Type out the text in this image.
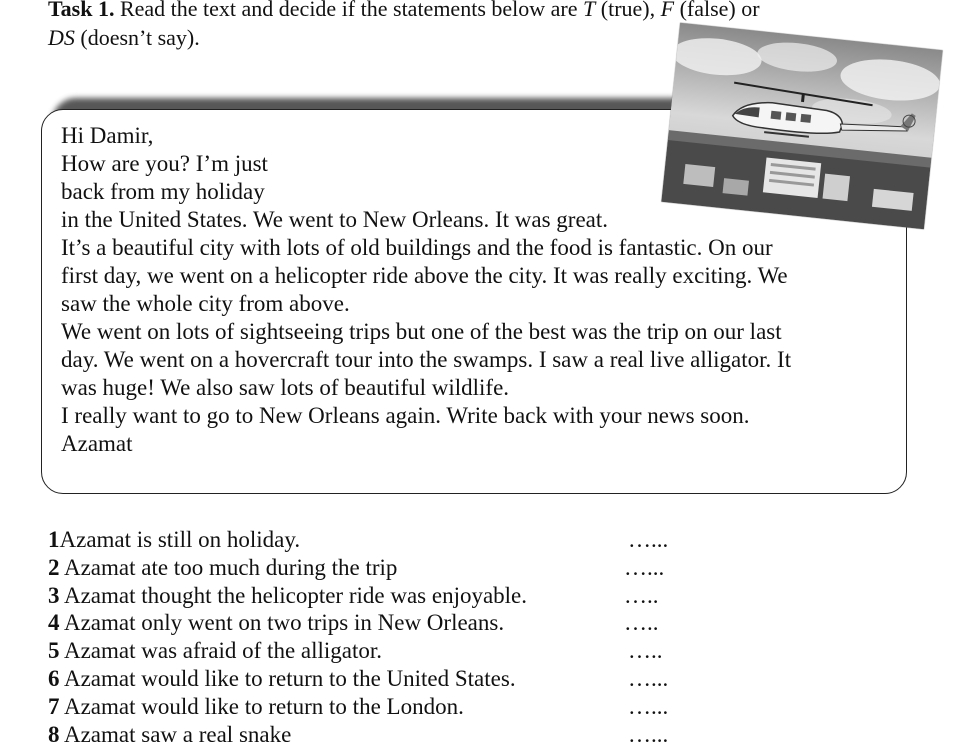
Task 1. Read the text and decide if the statements below are T (true), F (false) or
DS (doesn’t say).
Hi Damir,
How are you? I’m just
back from my holiday
in the United States. We went to New Orleans. It was great.
It’s a beautiful city with lots of old buildings and the food is fantastic. On our
first day, we went on a helicopter ride above the city. It was really exciting. We
saw the whole city from above.
We went on lots of sightseeing trips but one of the best was the trip on our last
day. We went on a hovercraft tour into the swamps. I saw a real live alligator. It
was huge! We also saw lots of beautiful wildlife.
I really want to go to New Orleans again. Write back with your news soon.
Azamat
1Azamat is still on holiday.	…...
2 Azamat ate too much during the trip	…...
3 Azamat thought the helicopter ride was enjoyable.	…..
4 Azamat only went on two trips in New Orleans.	…..
5 Azamat was afraid of the alligator.	…..
6 Azamat would like to return to the United States.	…...
7 Azamat would like to return to the London.	…...
8 Azamat saw a real snake	…...
